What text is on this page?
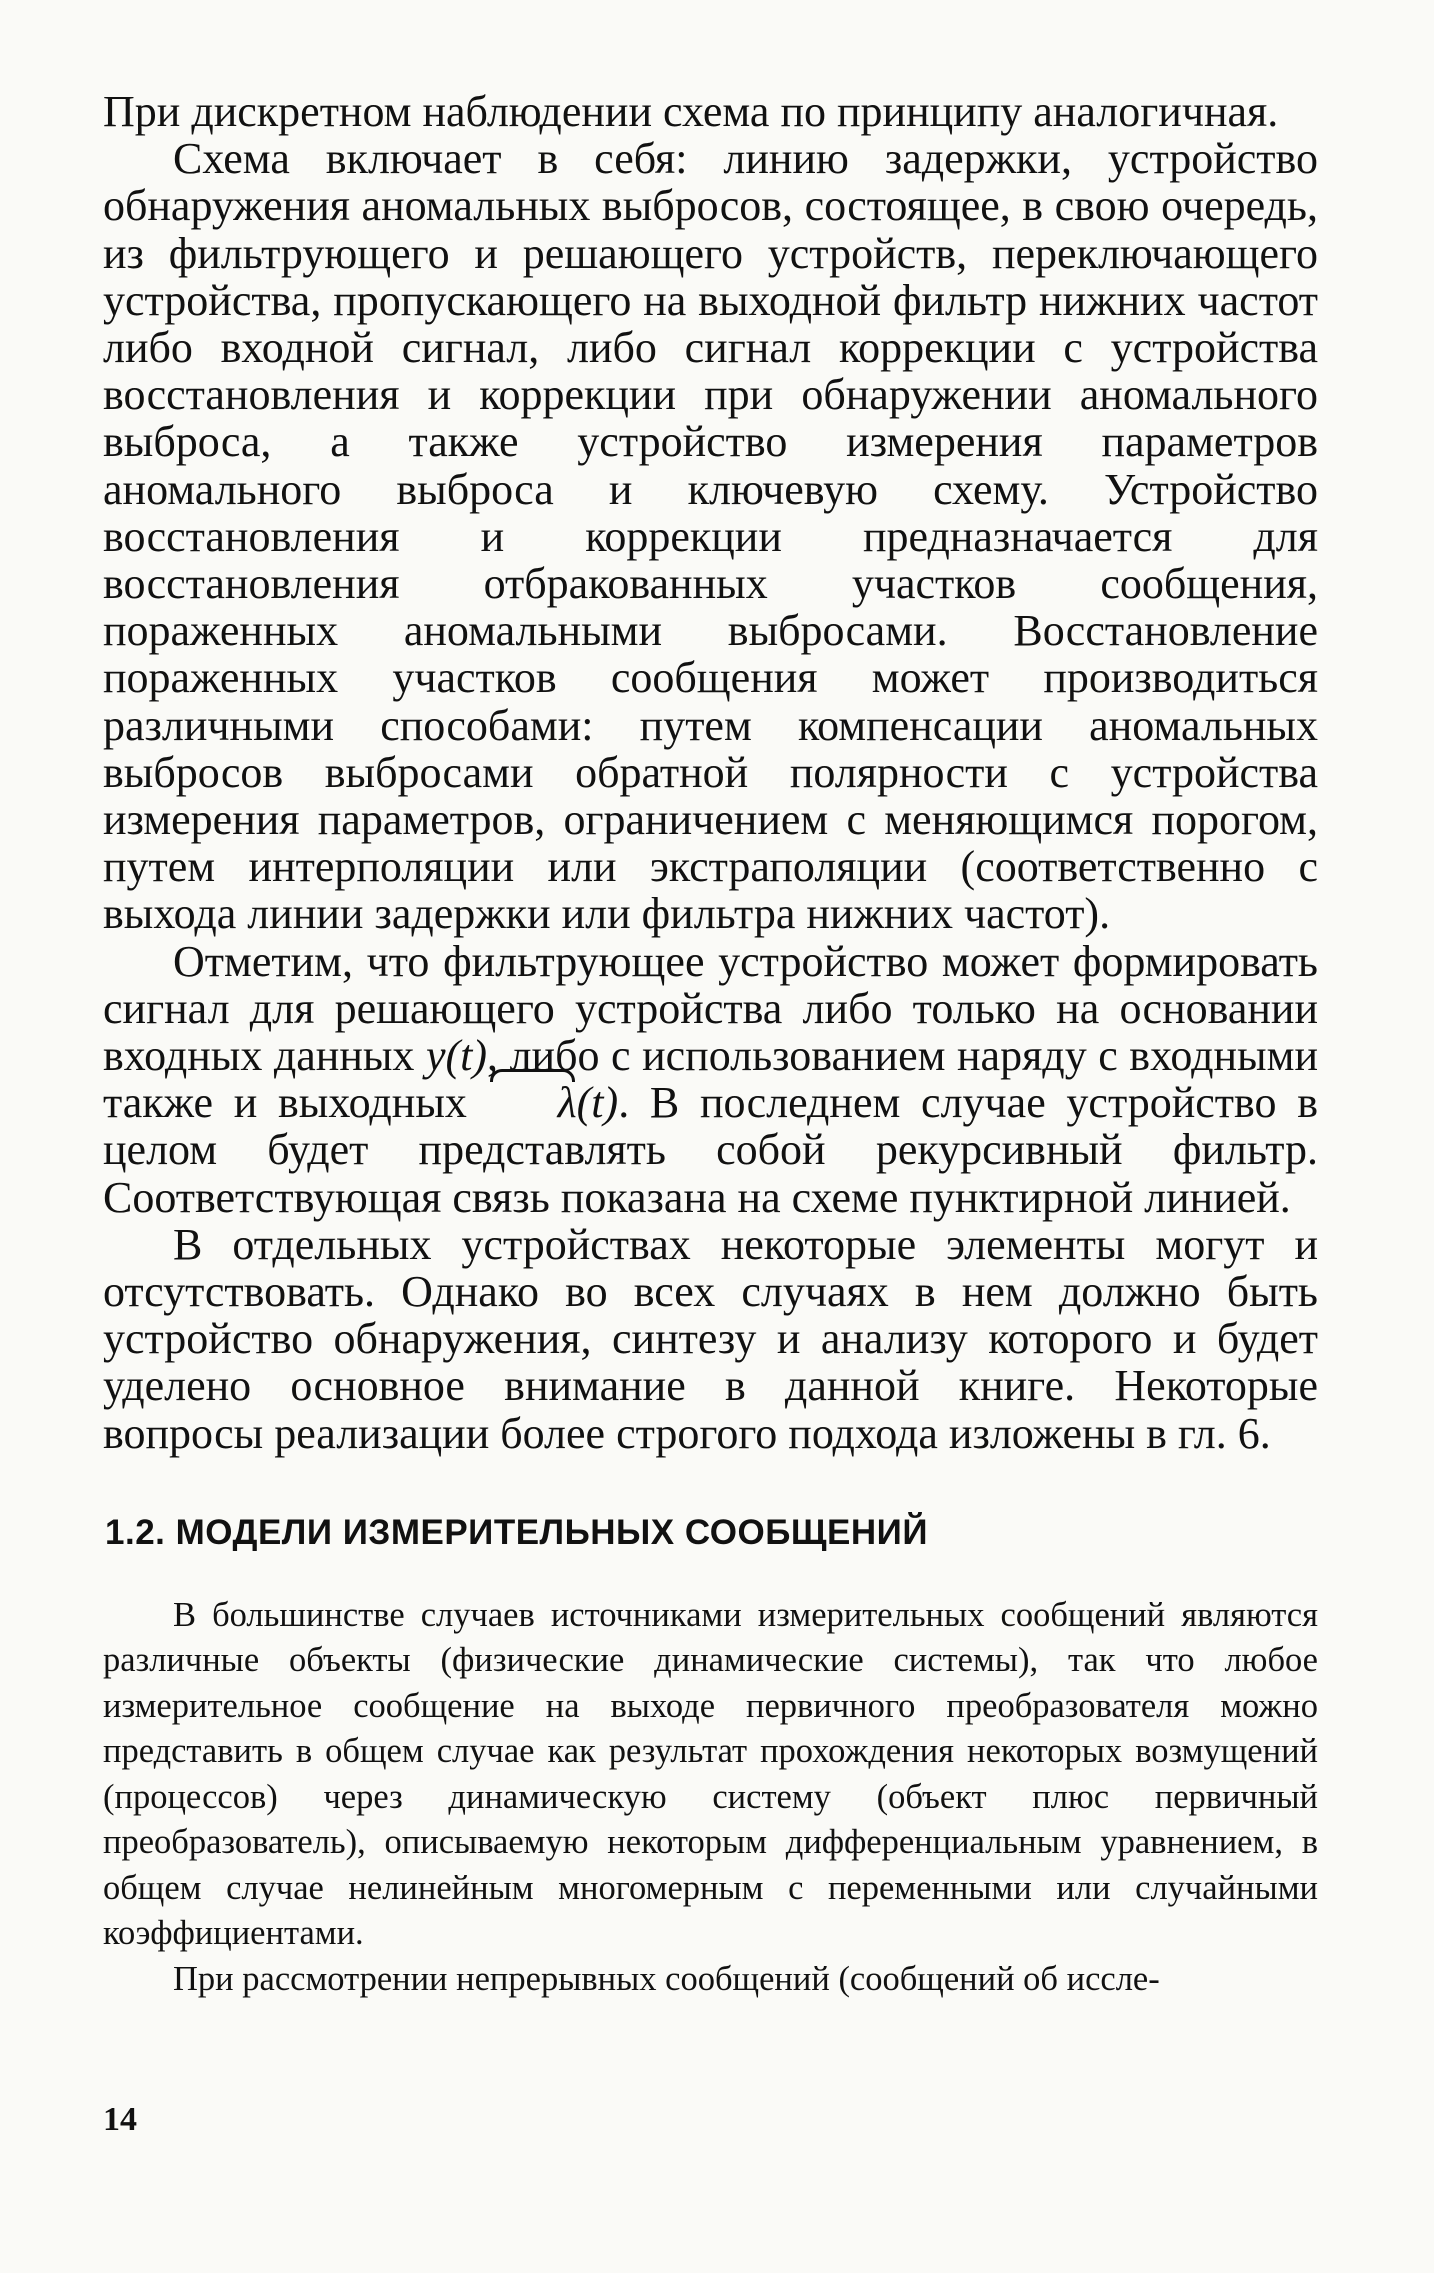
При дискретном наблюдении схема по принципу аналогичная.

Схема включает в себя: линию задержки, устройство обнаружения аномальных выбросов, состоящее, в свою очередь, из фильтрующего и решающего устройств, переключающего устройства, пропускающего на выходной фильтр нижних частот либо входной сигнал, либо сигнал коррекции с устройства восстановления и коррекции при обнаружении аномального выброса, а также устройство измерения параметров аномального выброса и ключевую схему. Устройство восстановления и коррекции предназначается для восстановления отбракованных участков сообщения, пораженных аномальными выбросами. Восстановление пораженных участков сообщения может производиться различными способами: путем компенсации аномальных выбросов выбросами обратной полярности с устройства измерения параметров, ограничением с меняющимся порогом, путем интерполяции или экстраполяции (соответственно с выхода линии задержки или фильтра нижних частот).

Отметим, что фильтрующее устройство может формировать сигнал для решающего устройства либо только на основании входных данных y(t), либо с использованием наряду с входными также и выходных λ(t). В последнем случае устройство в целом будет представлять собой рекурсивный фильтр. Соответствующая связь показана на схеме пунктирной линией.

В отдельных устройствах некоторые элементы могут и отсутствовать. Однако во всех случаях в нем должно быть устройство обнаружения, синтезу и анализу которого и будет уделено основное внимание в данной книге. Некоторые вопросы реализации более строгого подхода изложены в гл. 6.

1.2. МОДЕЛИ ИЗМЕРИТЕЛЬНЫХ СООБЩЕНИЙ

В большинстве случаев источниками измерительных сообщений являются различные объекты (физические динамические системы), так что любое измерительное сообщение на выходе первичного преобразователя можно представить в общем случае как результат прохождения некоторых возмущений (процессов) через динамическую систему (объект плюс первичный преобразователь), описываемую некоторым дифференциальным уравнением, в общем случае нелинейным многомерным с переменными или случайными коэффициентами.

При рассмотрении непрерывных сообщений (сообщений об иссле-

14
